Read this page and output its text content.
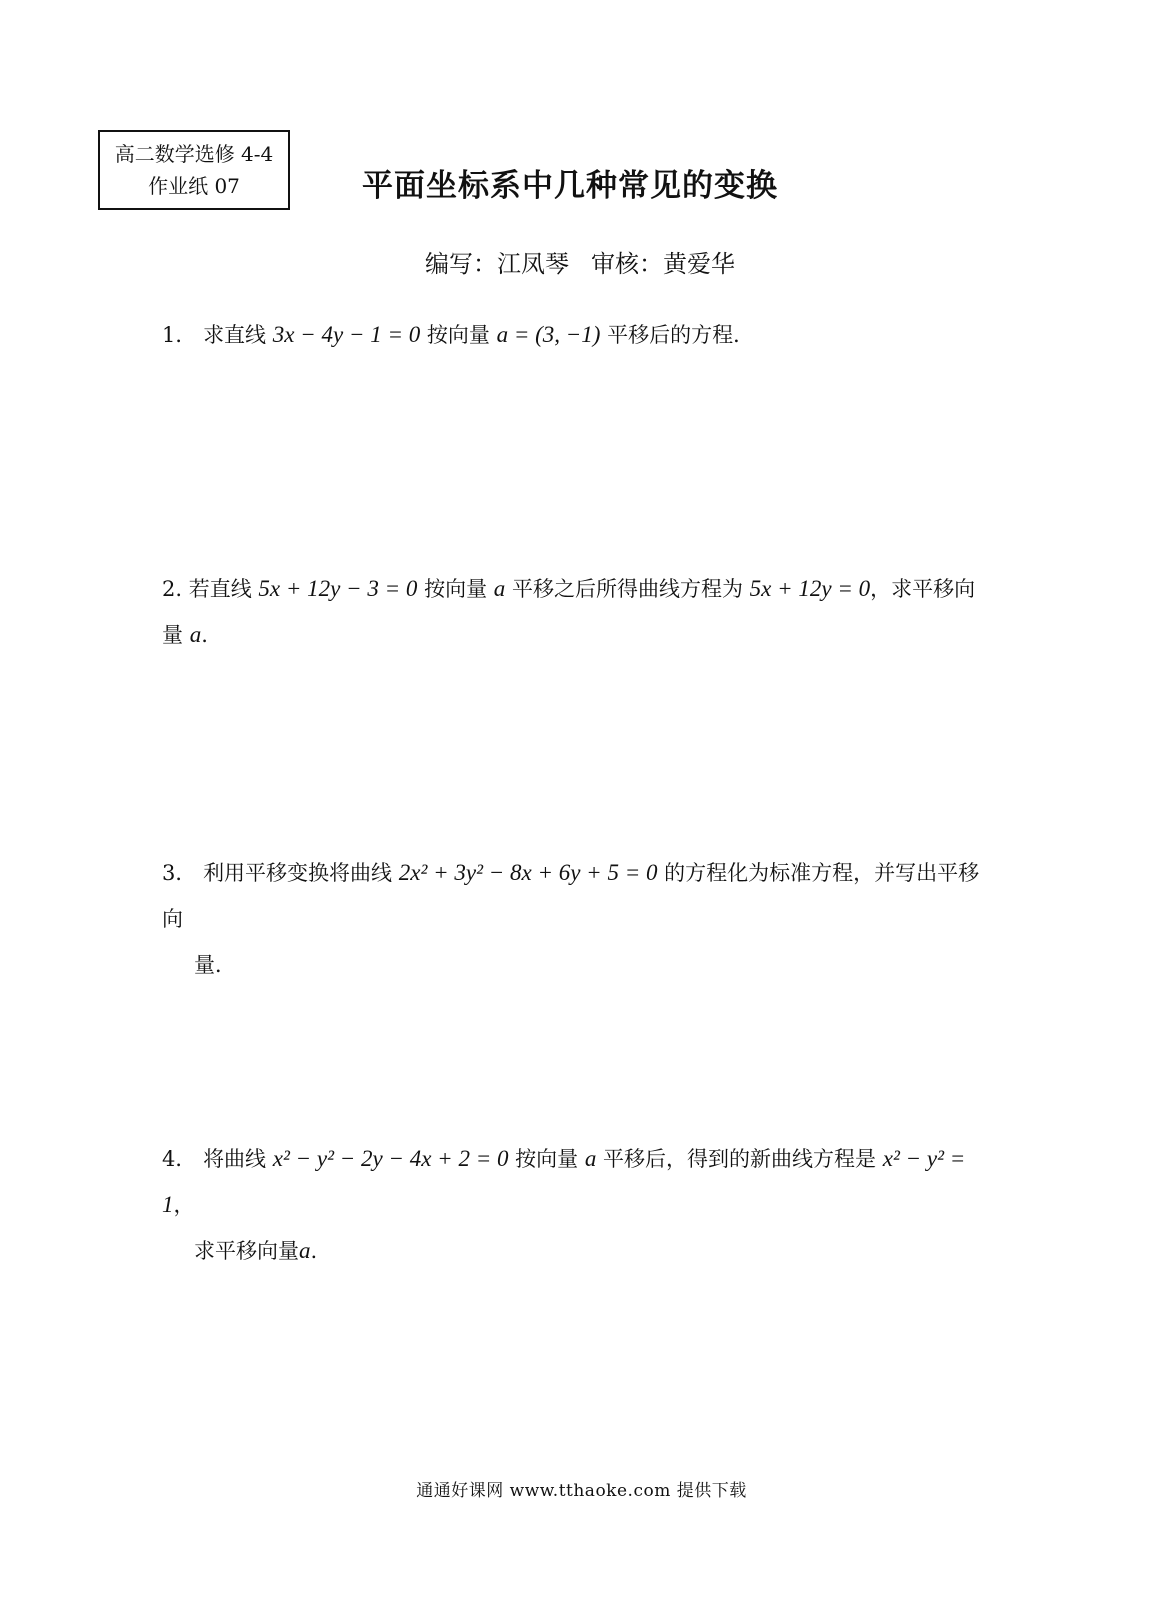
高二数学选修 4-4
作业纸 07	平面坐标系中几种常见的变换
编写：江凤琴 审核：黄爱华
1． 求直线 3x − 4y − 1 = 0 按向量 a = (3, −1) 平移后的方程．
2. 若直线 5x + 12y − 3 = 0 按向量 a 平移之后所得曲线方程为 5x + 12y = 0，求平移向量 a.
3． 利用平移变换将曲线 2x² + 3y² − 8x + 6y + 5 = 0 的方程化为标准方程，并写出平移向
量．
4． 将曲线 x² − y² − 2y − 4x + 2 = 0 按向量 a 平移后，得到的新曲线方程是 x² − y² = 1，
求平移向量a.
通通好课网 www.tthaoke.com 提供下载
